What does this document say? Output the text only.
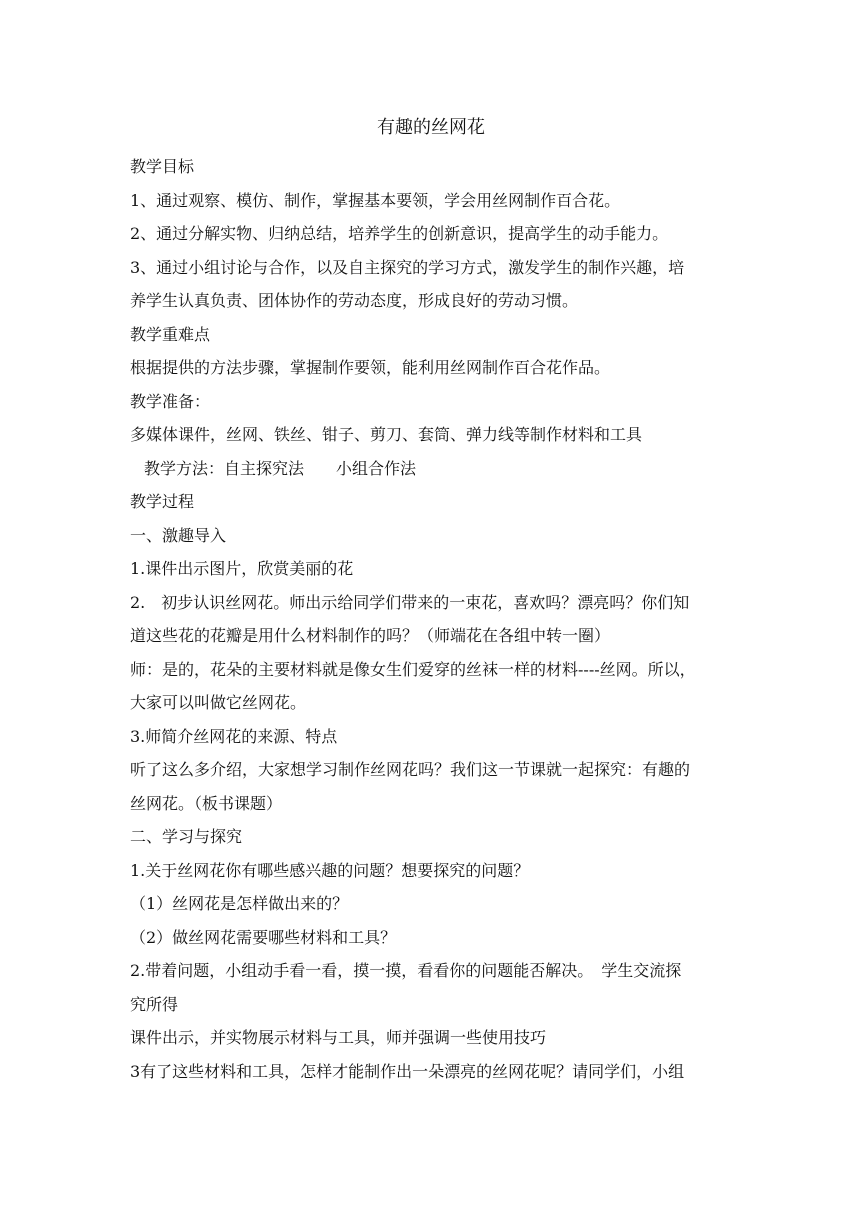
有趣的丝网花
教学目标
1、通过观察、模仿、制作，掌握基本要领，学会用丝网制作百合花。
2、通过分解实物、归纳总结，培养学生的创新意识，提高学生的动手能力。
3、通过小组讨论与合作，以及自主探究的学习方式，激发学生的制作兴趣，培
养学生认真负责、团体协作的劳动态度，形成良好的劳动习惯。
教学重难点
根据提供的方法步骤，掌握制作要领，能利用丝网制作百合花作品。
教学准备：
多媒体课件，丝网、铁丝、钳子、剪刀、套筒、弹力线等制作材料和工具
教学方法：自主探究法　　小组合作法
教学过程
一、激趣导入
1.课件出示图片，欣赏美丽的花
2.　初步认识丝网花。师出示给同学们带来的一束花，喜欢吗？漂亮吗？你们知
道这些花的花瓣是用什么材料制作的吗？（师端花在各组中转一圈）
师：是的，花朵的主要材料就是像女生们爱穿的丝袜一样的材料----丝网。所以，
大家可以叫做它丝网花。
3.师简介丝网花的来源、特点
听了这么多介绍，大家想学习制作丝网花吗？我们这一节课就一起探究：有趣的
丝网花。（板书课题）
二、学习与探究
1.关于丝网花你有哪些感兴趣的问题？想要探究的问题？
（1）丝网花是怎样做出来的？
（2）做丝网花需要哪些材料和工具？
2.带着问题，小组动手看一看，摸一摸，看看你的问题能否解决。　学生交流探
究所得
课件出示，并实物展示材料与工具，师并强调一些使用技巧
3有了这些材料和工具，怎样才能制作出一朵漂亮的丝网花呢？请同学们，小组
